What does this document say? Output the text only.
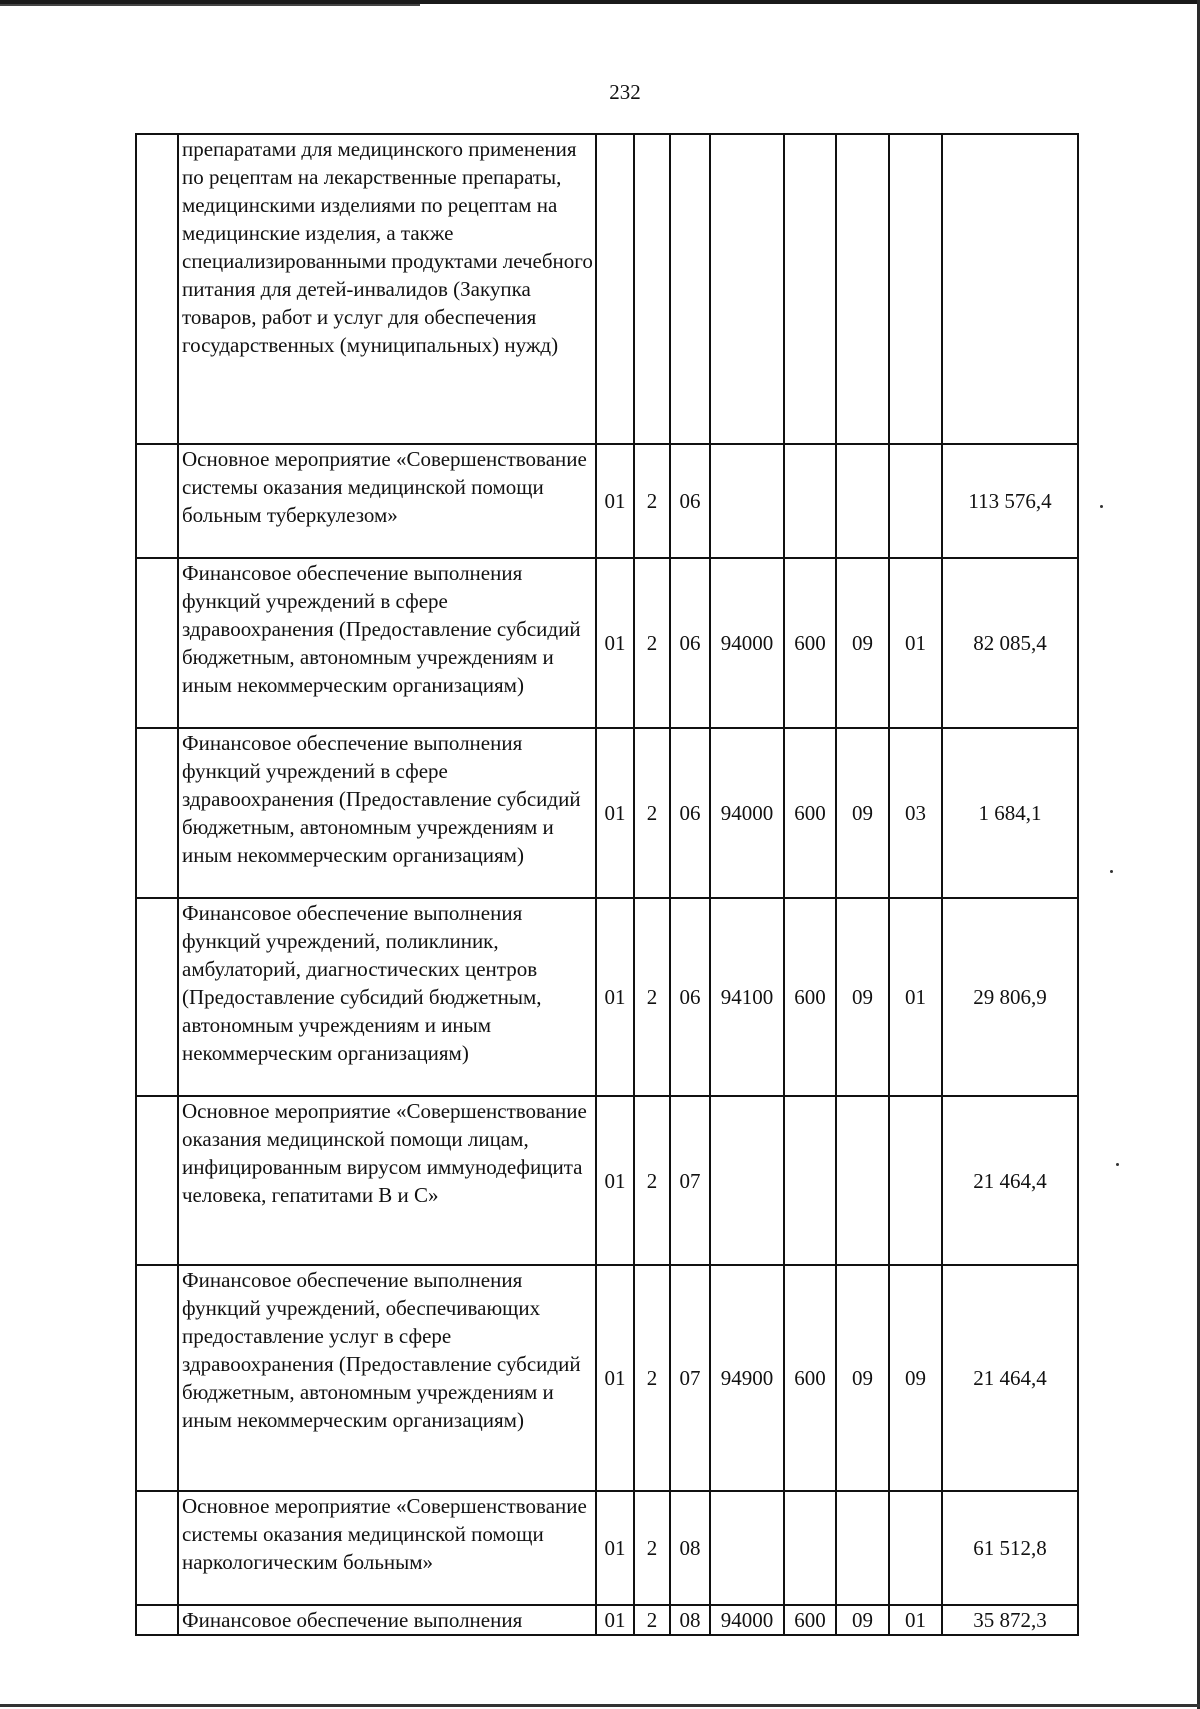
232
	препаратами для медицинского применения по рецептам на лекарственные препараты, медицинскими изделиями по рецептам на медицинские изделия, а также специализированными продуктами лечебного питания для детей-инвалидов (Закупка товаров, работ и услуг для обеспечения государственных (муниципальных) нужд)								
	Основное мероприятие «Совершенствование системы оказания медицинской помощи больным туберкулезом»	01	2	06					113 576,4
	Финансовое обеспечение выполнения функций учреждений в сфере здравоохранения (Предоставление субсидий бюджетным, автономным учреждениям и иным некоммерческим организациям)	01	2	06	94000	600	09	01	82 085,4
	Финансовое обеспечение выполнения функций учреждений в сфере здравоохранения (Предоставление субсидий бюджетным, автономным учреждениям и иным некоммерческим организациям)	01	2	06	94000	600	09	03	1 684,1
	Финансовое обеспечение выполнения функций учреждений, поликлиник, амбулаторий, диагностических центров (Предоставление субсидий бюджетным, автономным учреждениям и иным некоммерческим организациям)	01	2	06	94100	600	09	01	29 806,9
	Основное мероприятие «Совершенствование оказания медицинской помощи лицам, инфицированным вирусом иммунодефицита человека, гепатитами В и С»	01	2	07					21 464,4
	Финансовое обеспечение выполнения функций учреждений, обеспечивающих предоставление услуг в сфере здравоохранения (Предоставление субсидий бюджетным, автономным учреждениям и иным некоммерческим организациям)	01	2	07	94900	600	09	09	21 464,4
	Основное мероприятие «Совершенствование системы оказания медицинской помощи наркологическим больным»	01	2	08					61 512,8
	Финансовое обеспечение выполнения	01	2	08	94000	600	09	01	35 872,3
